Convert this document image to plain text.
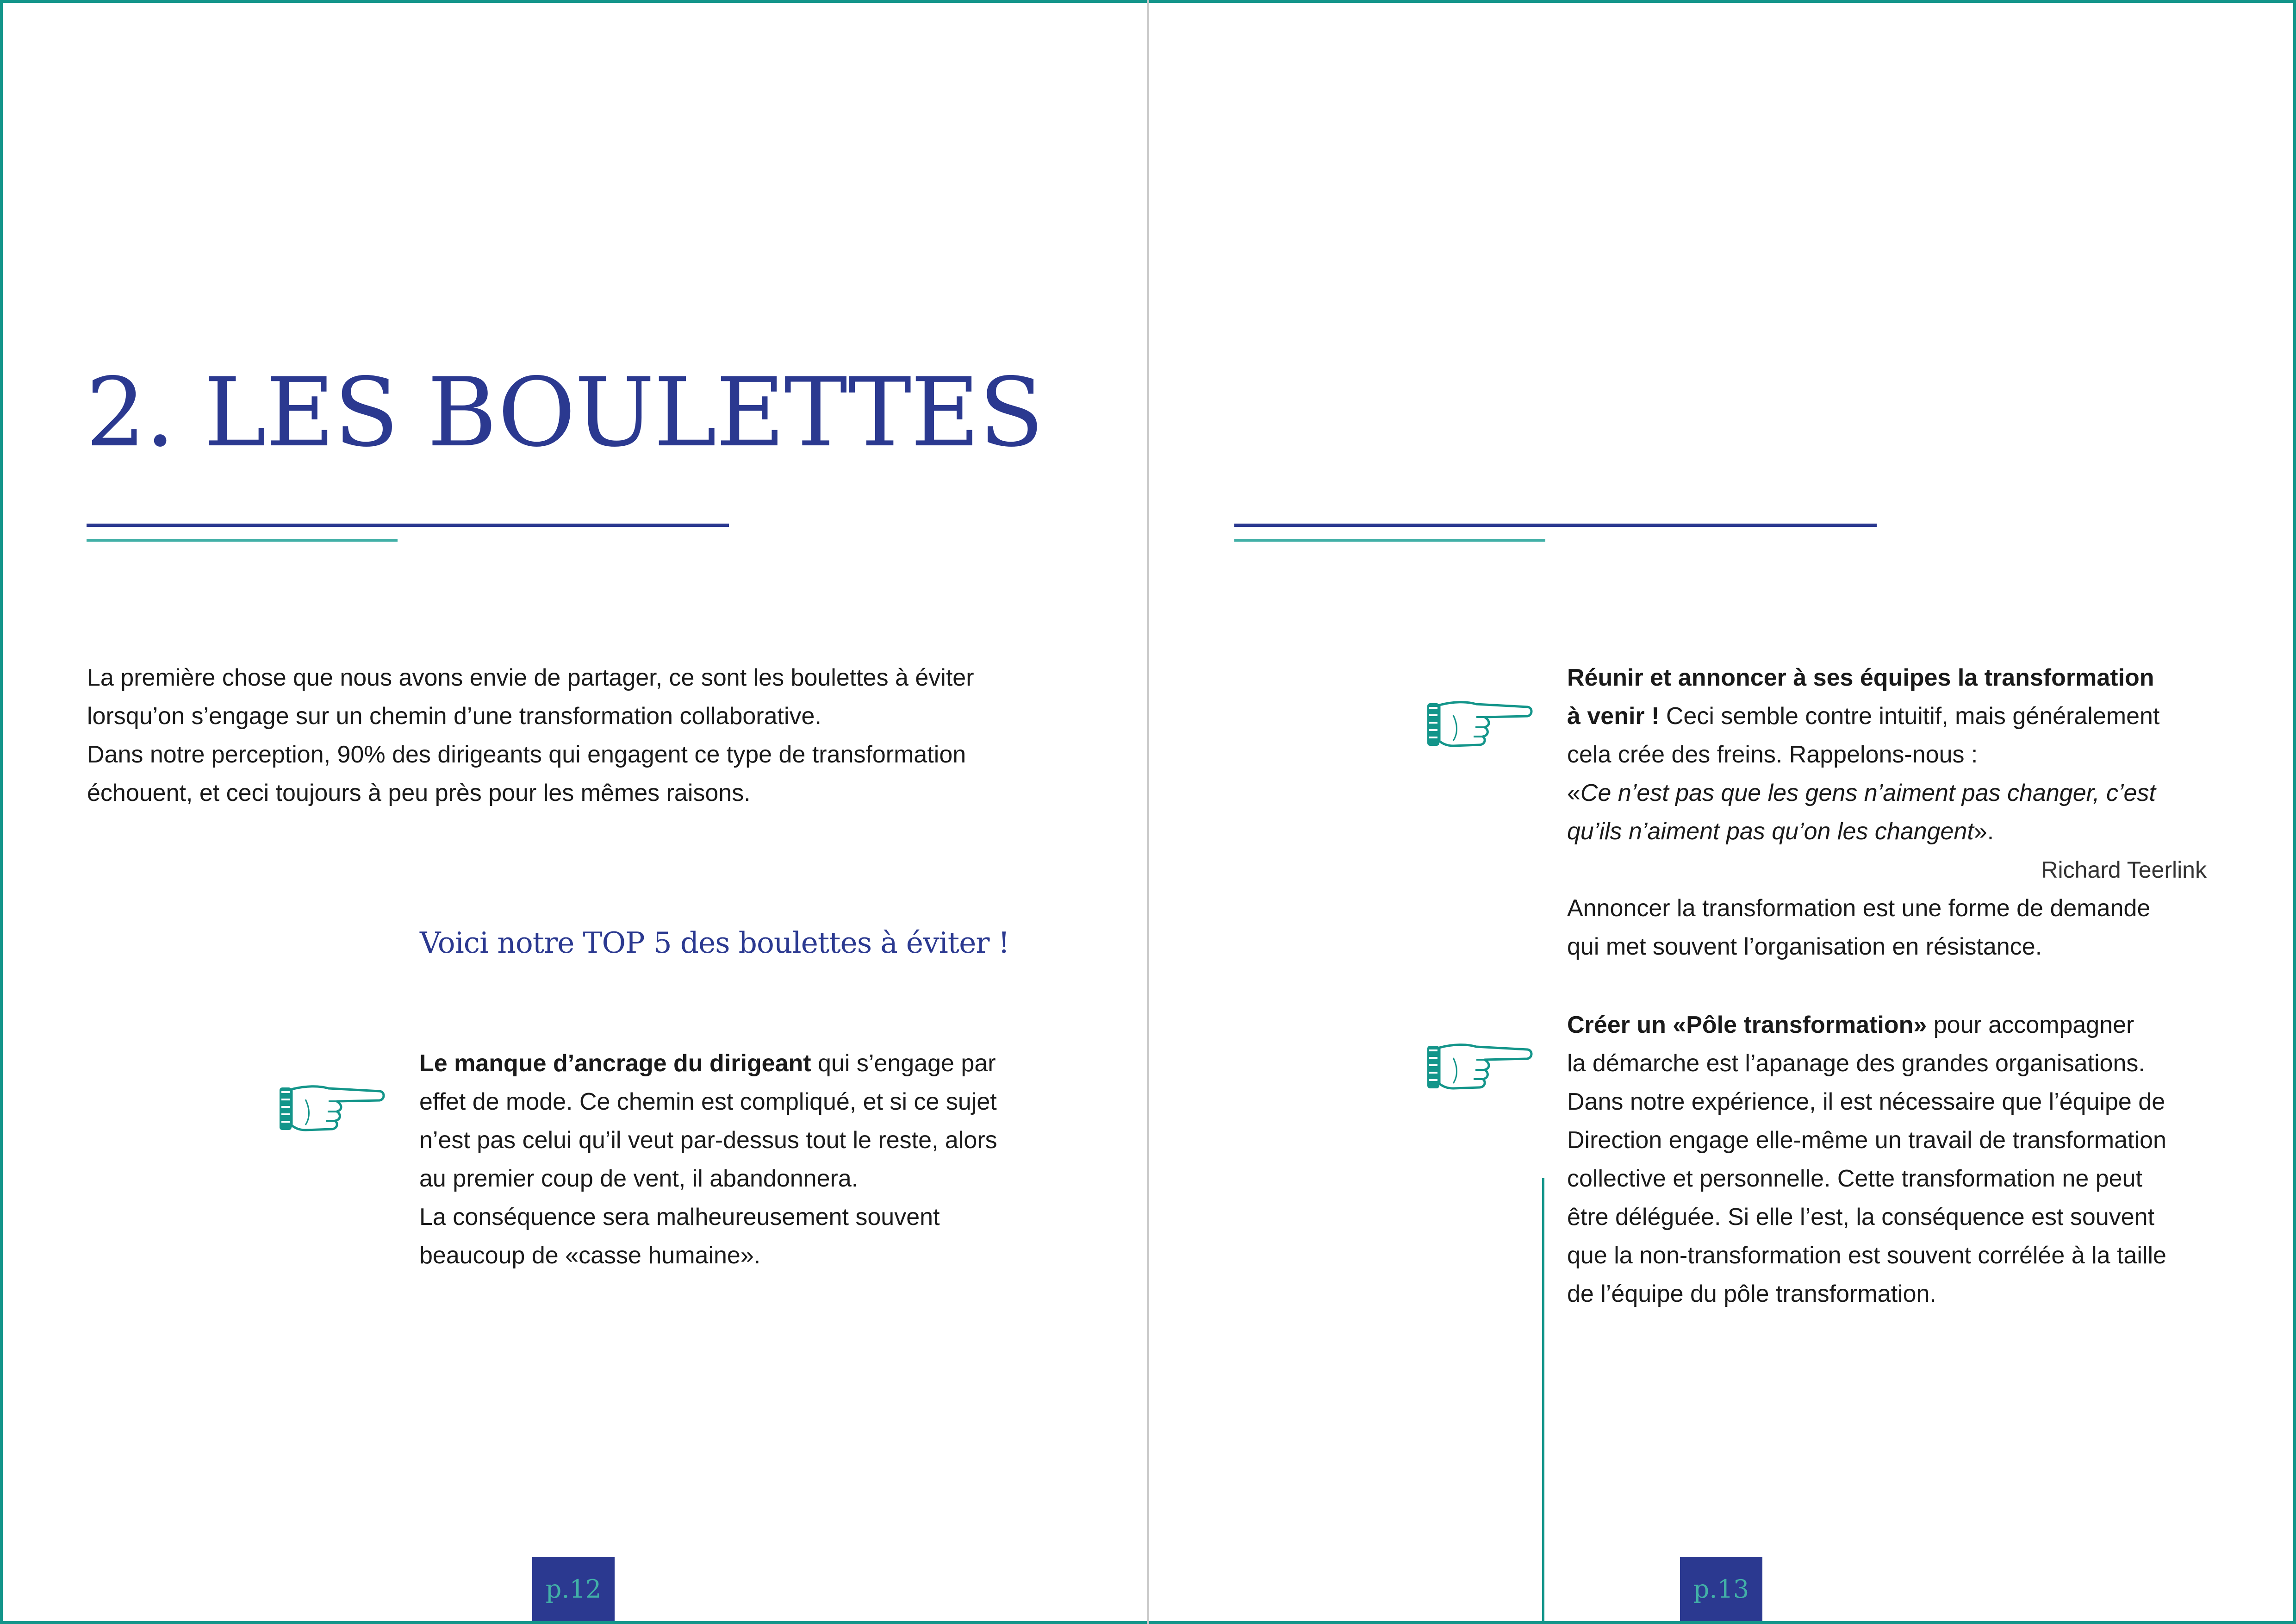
2. LES BOULETTES

La première chose que nous avons envie de partager, ce sont les boulettes à éviter

lorsqu’on s’engage sur un chemin d’une transformation collaborative.

Dans notre perception, 90% des dirigeants qui engagent ce type de transformation

échouent, et ceci toujours à peu près pour les mêmes raisons.

Voici notre TOP 5 des boulettes à éviter !

Le manque d’ancrage du dirigeant qui s’engage par

effet de mode. Ce chemin est compliqué, et si ce sujet

n’est pas celui qu’il veut par-dessus tout le reste, alors

au premier coup de vent, il abandonnera.

La conséquence sera malheureusement souvent

beaucoup de «casse humaine».

p.12

Réunir et annoncer à ses équipes la transformation

à venir ! Ceci semble contre intuitif, mais généralement

cela crée des freins. Rappelons-nous :

«Ce n’est pas que les gens n’aiment pas changer, c’est

qu’ils n’aiment pas qu’on les changent».

Richard Teerlink

Annoncer la transformation est une forme de demande

qui met souvent l’organisation en résistance.

Créer un «Pôle transformation» pour accompagner

la démarche est l’apanage des grandes organisations.

Dans notre expérience, il est nécessaire que l’équipe de

Direction engage elle-même un travail de transformation

collective et personnelle. Cette transformation ne peut

être déléguée. Si elle l’est, la conséquence est souvent

que la non-transformation est souvent corrélée à la taille

de l’équipe du pôle transformation.

p.13
